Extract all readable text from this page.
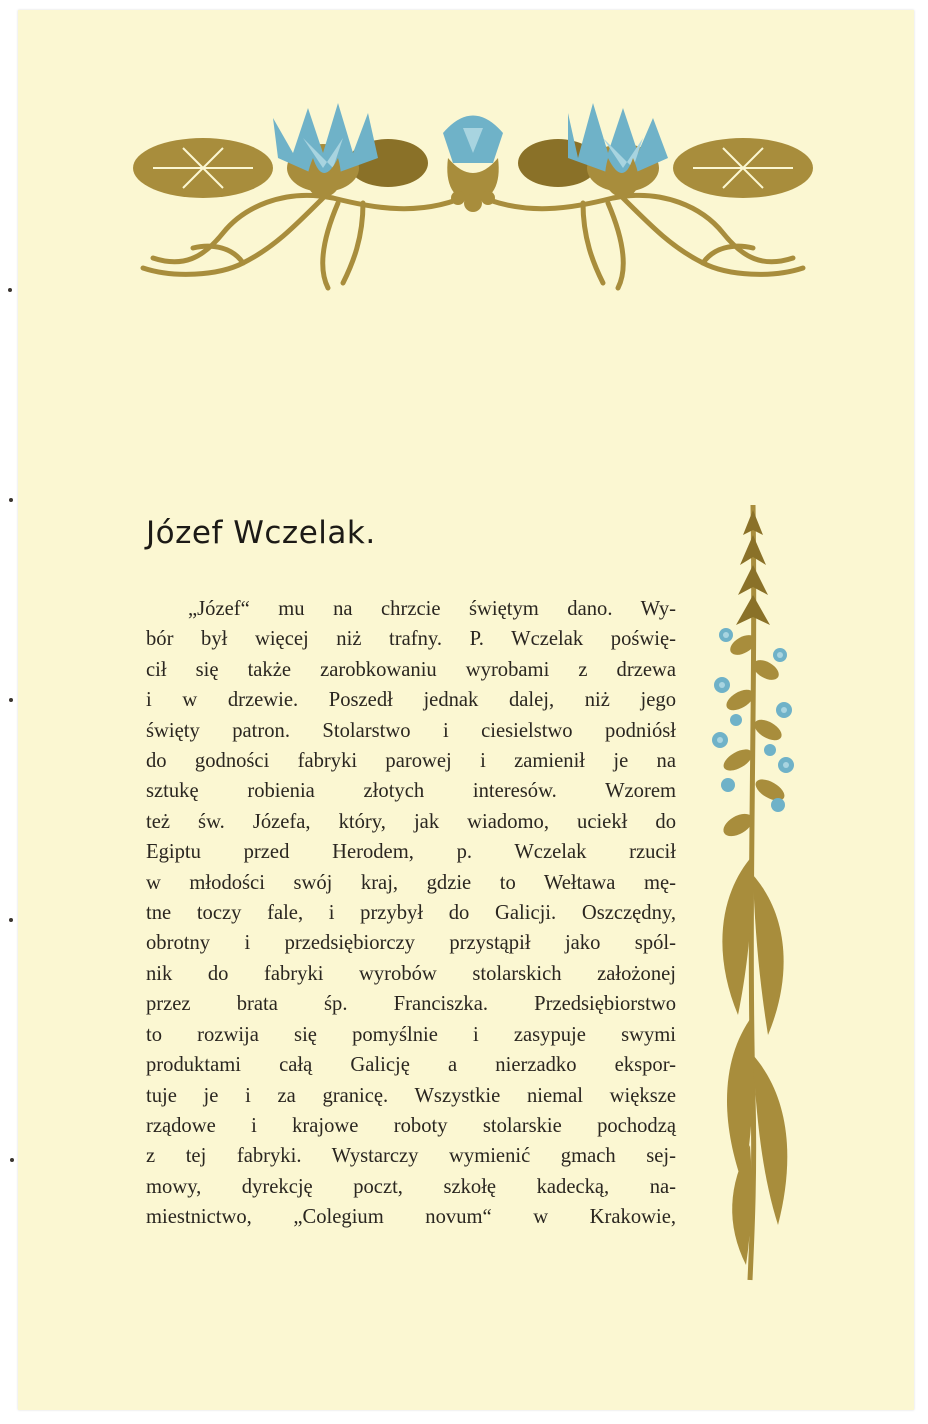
Józef Wczelak.
„Józef“ mu na chrzcie świętym dano. Wy-
bór był więcej niż trafny. P. Wczelak poświę-
cił się także zarobkowaniu wyrobami z drzewa
i w drzewie. Poszedł jednak dalej, niż jego
święty patron. Stolarstwo i ciesielstwo podniósł
do godności fabryki parowej i zamienił je na
sztukę robienia złotych interesów. Wzorem
też św. Józefa, który, jak wiadomo, uciekł do
Egiptu przed Herodem, p. Wczelak rzucił
w młodości swój kraj, gdzie to Wełtawa mę-
tne toczy fale, i przybył do Galicji. Oszczędny,
obrotny i przedsiębiorczy przystąpił jako spól-
nik do fabryki wyrobów stolarskich założonej
przez brata śp. Franciszka. Przedsiębiorstwo
to rozwija się pomyślnie i zasypuje swymi
produktami całą Galicję a nierzadko ekspor-
tuje je i za granicę. Wszystkie niemal większe
rządowe i krajowe roboty stolarskie pochodzą
z tej fabryki. Wystarczy wymienić gmach sej-
mowy, dyrekcję poczt, szkołę kadecką, na-
miestnictwo, „Colegium novum“ w Krakowie,
